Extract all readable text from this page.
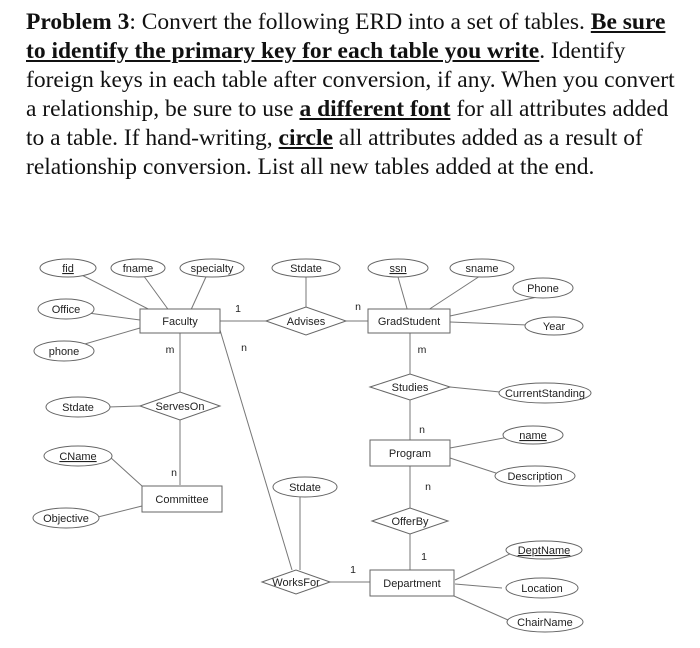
Problem 3: Convert the following ERD into a set of tables. Be sure to identify the primary key for each table you write. Identify foreign keys in each table after conversion, if any. When you convert a relationship, be sure to use a different font for all attributes added to a table. If hand-writing, circle all attributes added as a result of relationship conversion. List all new tables added at the end.
fid	fname	specialty
Office
phone
Stdate	ssn	sname
Phone
Year
Stdate
CurrentStanding
CName
Objective
name
Description
Stdate
DeptName
Location
ChairName
Faculty	GradStudent
Committee
Program
Department
Advises
ServesOn
Studies
OfferBy
WorksFor
1	n
m
n
m
n
n
1
n
1
